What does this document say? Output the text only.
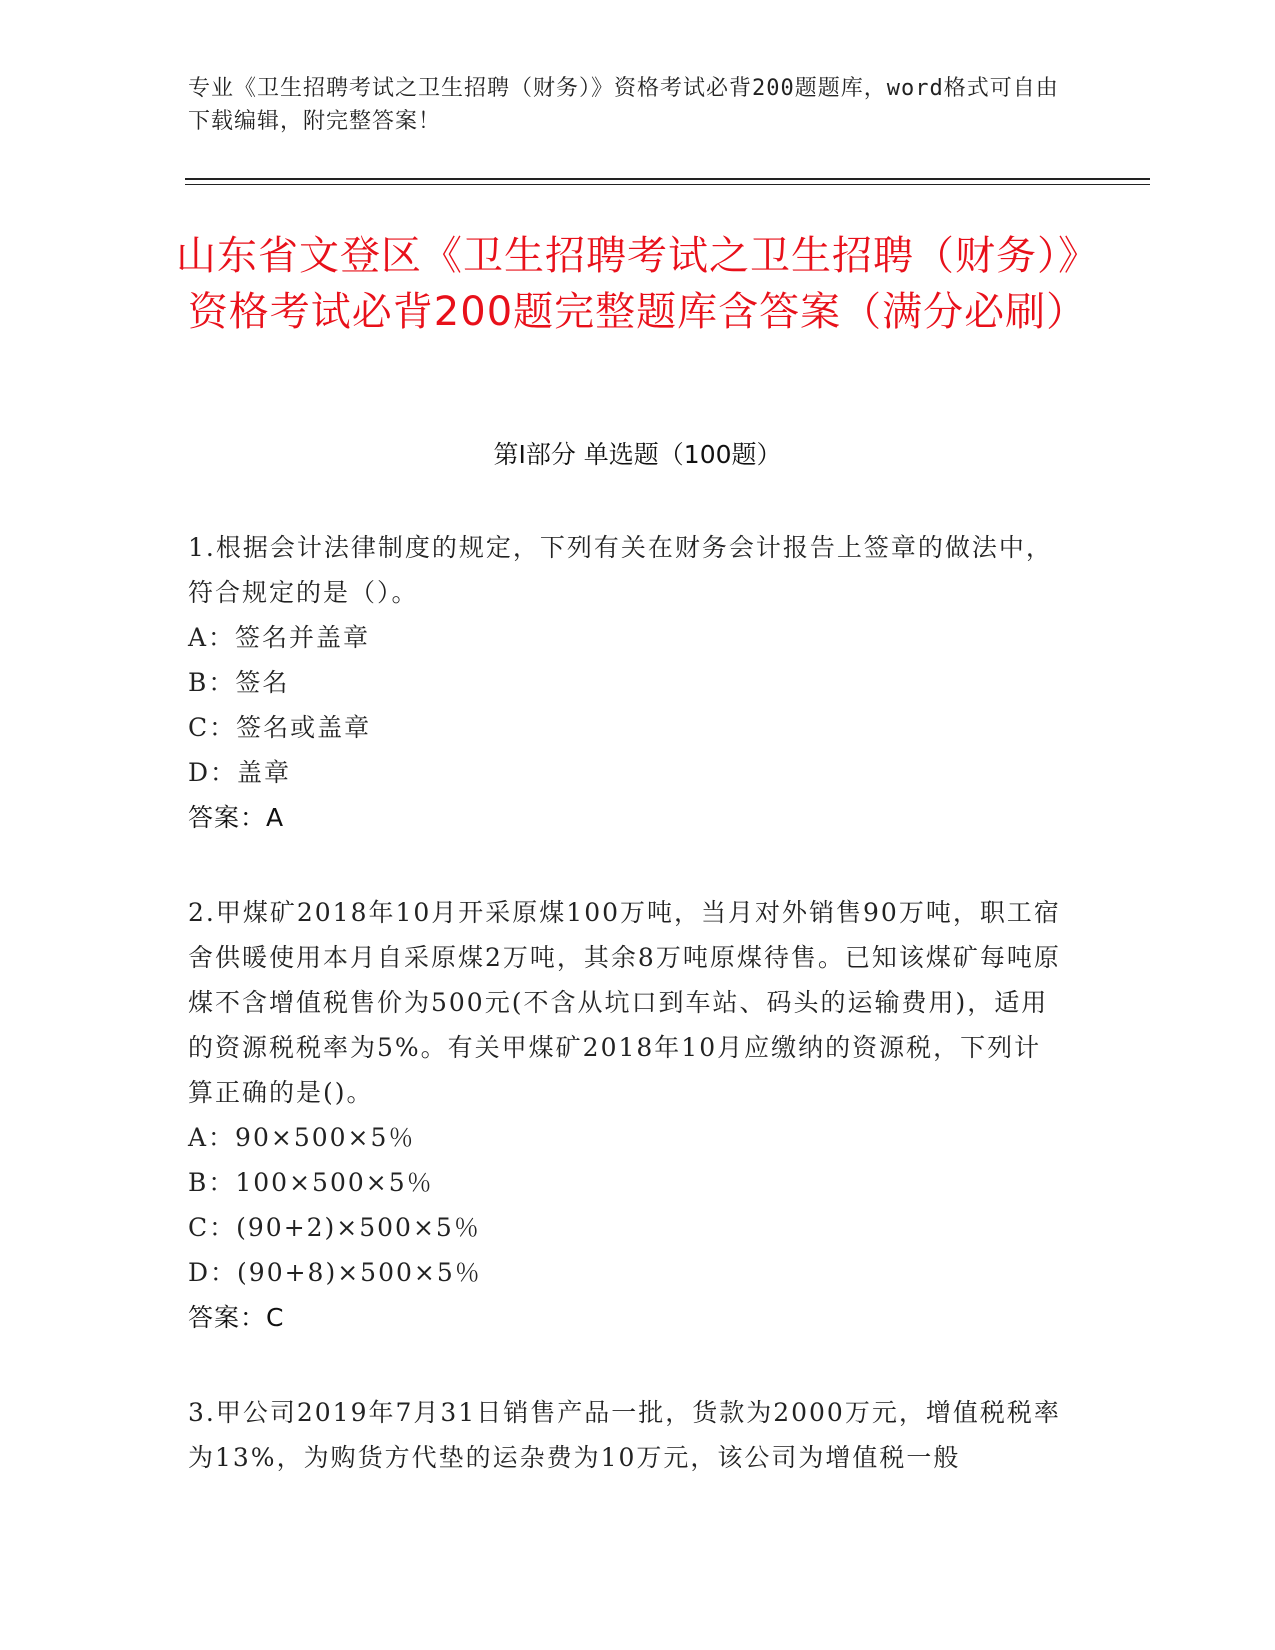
专业《卫生招聘考试之卫生招聘（财务）》资格考试必背200题题库，word格式可自由下载编辑，附完整答案！
山东省文登区《卫生招聘考试之卫生招聘（财务）》资格考试必背200题完整题库含答案（满分必刷）
第Ⅰ部分 单选题（100题）

1.根据会计法律制度的规定，下列有关在财务会计报告上签章的做法中，符合规定的是（）。

A：签名并盖章

B：签名

C：签名或盖章

D：盖章

答案：A

2.甲煤矿2018年10月开采原煤100万吨，当月对外销售90万吨，职工宿舍供暖使用本月自采原煤2万吨，其余8万吨原煤待售。已知该煤矿每吨原煤不含增值税售价为500元(不含从坑口到车站、码头的运输费用)，适用的资源税税率为5%。有关甲煤矿2018年10月应缴纳的资源税，下列计算正确的是()。

A：90×500×5％

B：100×500×5％

C：(90+2)×500×5％

D：(90+8)×500×5％

答案：C

3.甲公司2019年7月31日销售产品一批，货款为2000万元，增值税税率为13%，为购货方代垫的运杂费为10万元，该公司为增值税一般
